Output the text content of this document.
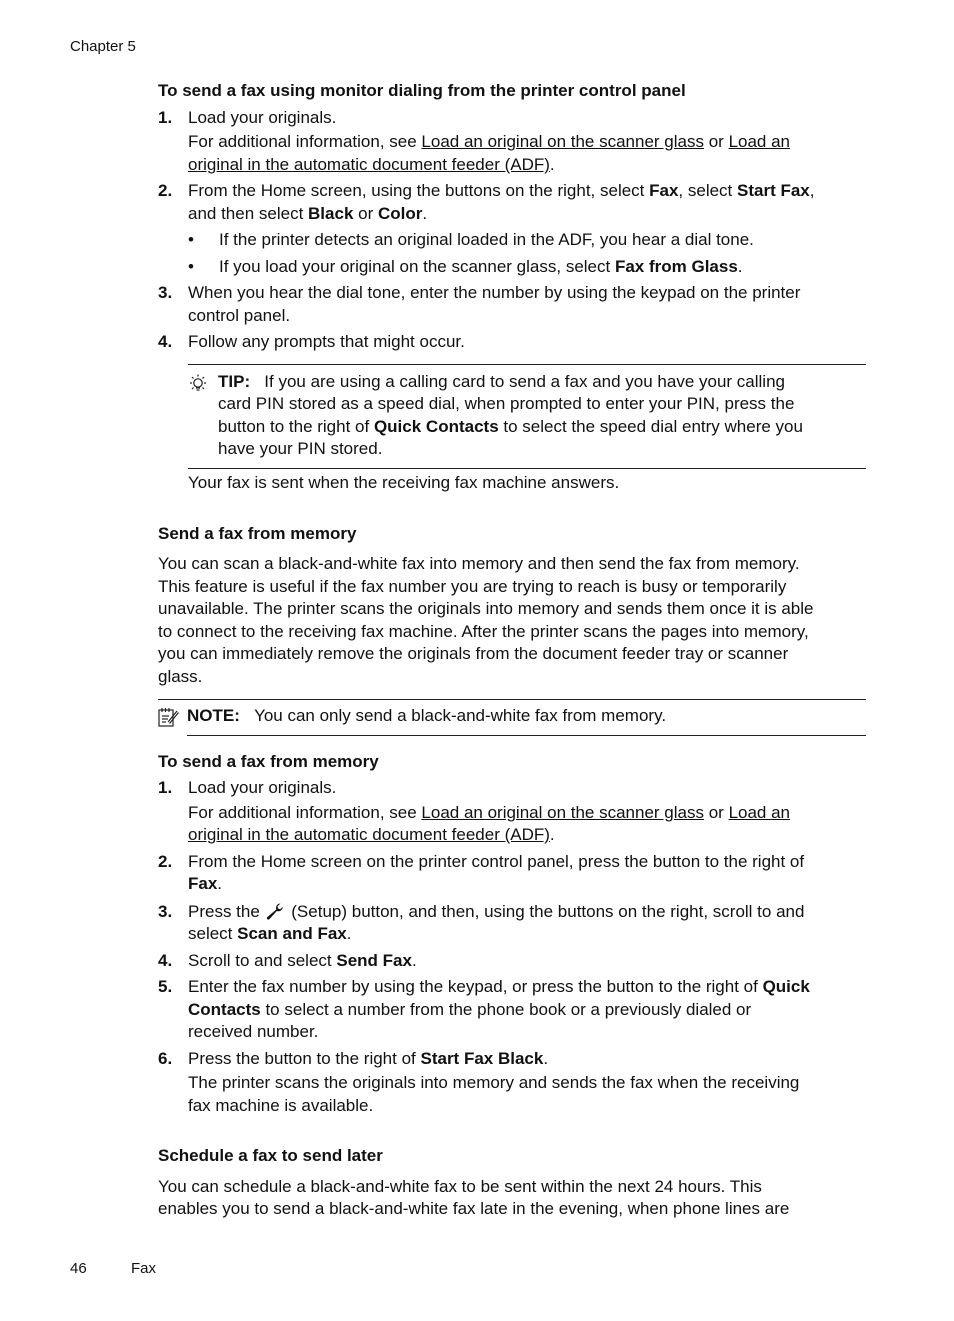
Chapter 5
To send a fax using monitor dialing from the printer control panel
1. Load your originals.
For additional information, see Load an original on the scanner glass or Load an
original in the automatic document feeder (ADF).
2. From the Home screen, using the buttons on the right, select Fax, select Start Fax,
and then select Black or Color.
• If the printer detects an original loaded in the ADF, you hear a dial tone.
• If you load your original on the scanner glass, select Fax from Glass.
3. When you hear the dial tone, enter the number by using the keypad on the printer
control panel.
4. Follow any prompts that might occur.
TIP: If you are using a calling card to send a fax and you have your calling
card PIN stored as a speed dial, when prompted to enter your PIN, press the
button to the right of Quick Contacts to select the speed dial entry where you
have your PIN stored.
Your fax is sent when the receiving fax machine answers.
Send a fax from memory
You can scan a black-and-white fax into memory and then send the fax from memory.
This feature is useful if the fax number you are trying to reach is busy or temporarily
unavailable. The printer scans the originals into memory and sends them once it is able
to connect to the receiving fax machine. After the printer scans the pages into memory,
you can immediately remove the originals from the document feeder tray or scanner
glass.
NOTE: You can only send a black-and-white fax from memory.
To send a fax from memory
1. Load your originals.
For additional information, see Load an original on the scanner glass or Load an
original in the automatic document feeder (ADF).
2. From the Home screen on the printer control panel, press the button to the right of
Fax.
3. Press the  (Setup) button, and then, using the buttons on the right, scroll to and
select Scan and Fax.
4. Scroll to and select Send Fax.
5. Enter the fax number by using the keypad, or press the button to the right of Quick
Contacts to select a number from the phone book or a previously dialed or
received number.
6. Press the button to the right of Start Fax Black.
The printer scans the originals into memory and sends the fax when the receiving
fax machine is available.
Schedule a fax to send later
You can schedule a black-and-white fax to be sent within the next 24 hours. This
enables you to send a black-and-white fax late in the evening, when phone lines are
46	Fax
